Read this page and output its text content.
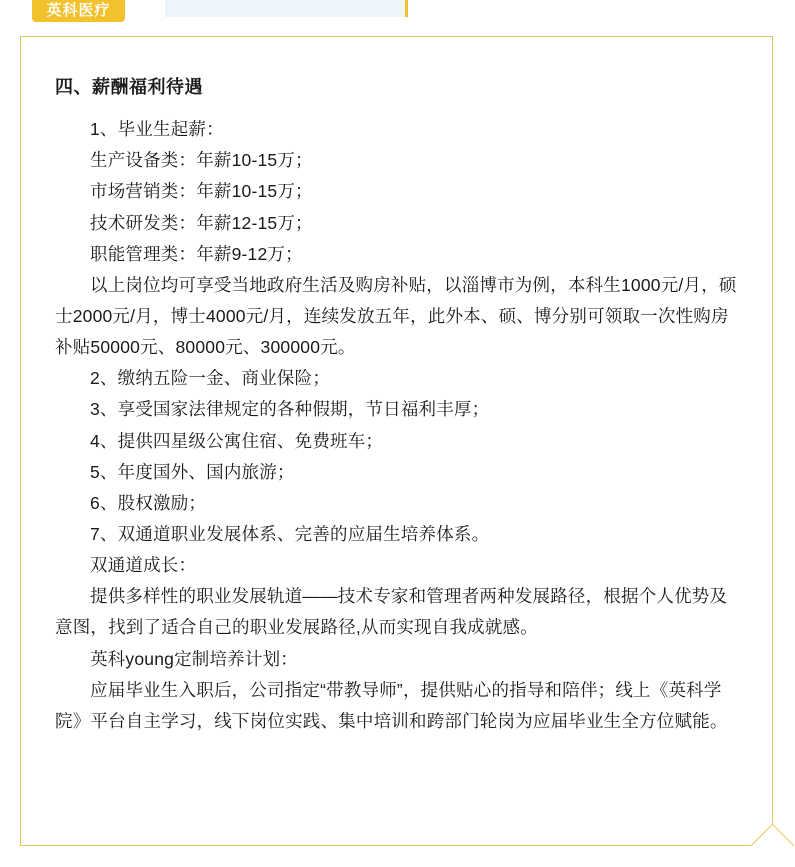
英科医疗
四、薪酬福利待遇

1、毕业生起薪：

生产设备类：年薪10-15万；

市场营销类：年薪10-15万；

技术研发类：年薪12-15万；

职能管理类：年薪9-12万；

以上岗位均可享受当地政府生活及购房补贴，以淄博市为例，本科生1000元/月，硕士2000元/月，博士4000元/月，连续发放五年，此外本、硕、博分别可领取一次性购房补贴50000元、80000元、300000元。

2、缴纳五险一金、商业保险；

3、享受国家法律规定的各种假期，节日福利丰厚；

4、提供四星级公寓住宿、免费班车；

5、年度国外、国内旅游；

6、股权激励；

7、双通道职业发展体系、完善的应届生培养体系。

双通道成长：

提供多样性的职业发展轨道——技术专家和管理者两种发展路径，根据个人优势及意图，找到了适合自己的职业发展路径,从而实现自我成就感。

英科young定制培养计划：

应届毕业生入职后，公司指定“带教导师”，提供贴心的指导和陪伴；线上《英科学院》平台自主学习，线下岗位实践、集中培训和跨部门轮岗为应届毕业生全方位赋能。
